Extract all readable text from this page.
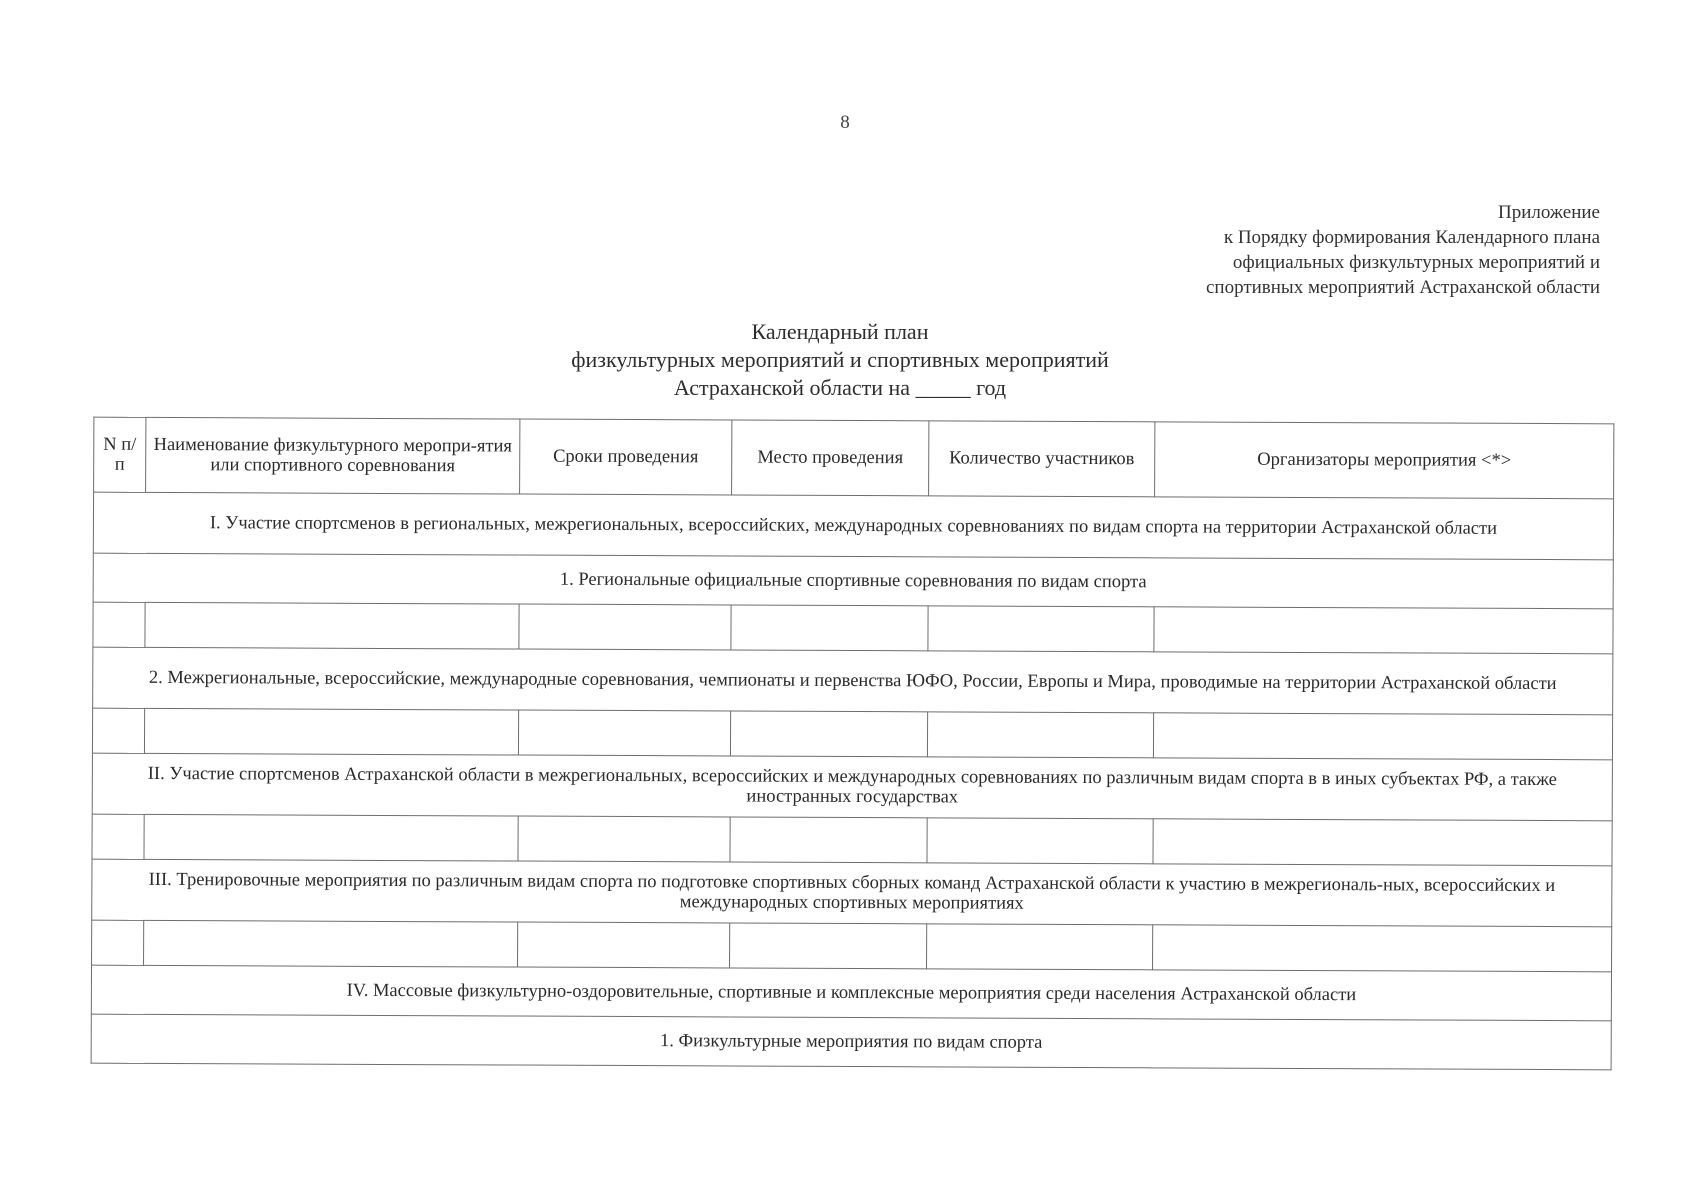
8
Приложение
к Порядку формирования Календарного плана
официальных физкультурных мероприятий и
спортивных мероприятий Астраханской области
Календарный план
физкультурных мероприятий и спортивных мероприятий
Астраханской области на _____ год
N п/п	Наименование физкультурного меропри-ятия или спортивного соревнования	Сроки проведения	Место проведения	Количество участников	Организаторы мероприятия <*>
I. Участие спортсменов в региональных, межрегиональных, всероссийских, международных соревнованиях по видам спорта на территории Астраханской области					
1. Региональные официальные спортивные соревнования по видам спорта					

2. Межрегиональные, всероссийские, международные соревнования, чемпионаты и первенства ЮФО, России, Европы и Мира, проводимые на территории Астраханской области					

II. Участие спортсменов Астраханской области в межрегиональных, всероссийских и международных соревнованиях по различным видам спорта в в иных субъектах РФ, а также иностранных государствах					

III. Тренировочные мероприятия по различным видам спорта по подготовке спортивных сборных команд Астраханской области к участию в межрегиональ-ных, всероссийских и международных спортивных мероприятиях					

IV. Массовые физкультурно-оздоровительные, спортивные и комплексные мероприятия среди населения Астраханской области					
1. Физкультурные мероприятия по видам спорта					
